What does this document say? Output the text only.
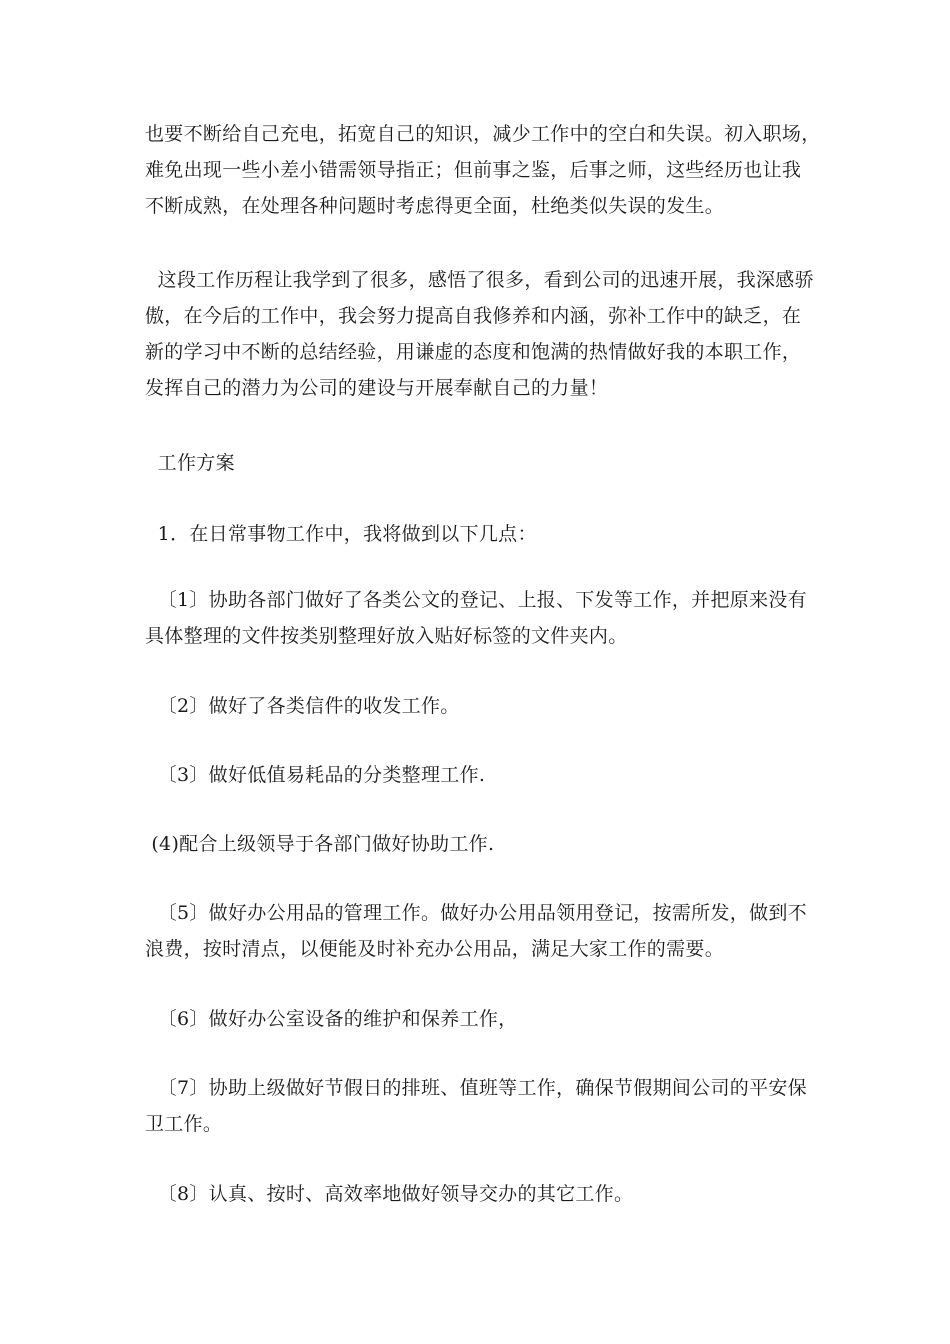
也要不断给自己充电，拓宽自己的知识，减少工作中的空白和失误。初入职场，
难免出现一些小差小错需领导指正；但前事之鉴，后事之师，这些经历也让我
不断成熟，在处理各种问题时考虑得更全面，杜绝类似失误的发生。
这段工作历程让我学到了很多，感悟了很多，看到公司的迅速开展，我深感骄
傲，在今后的工作中，我会努力提高自我修养和内涵，弥补工作中的缺乏，在
新的学习中不断的总结经验，用谦虚的态度和饱满的热情做好我的本职工作，
发挥自己的潜力为公司的建设与开展奉献自己的力量！
工作方案
1．在日常事物工作中，我将做到以下几点：
〔1〕协助各部门做好了各类公文的登记、上报、下发等工作，并把原来没有
具体整理的文件按类别整理好放入贴好标签的文件夹内。
〔2〕做好了各类信件的收发工作。
〔3〕做好低值易耗品的分类整理工作.
(4)配合上级领导于各部门做好协助工作.
〔5〕做好办公用品的管理工作。做好办公用品领用登记，按需所发，做到不
浪费，按时清点，以便能及时补充办公用品，满足大家工作的需要。
〔6〕做好办公室设备的维护和保养工作，
〔7〕协助上级做好节假日的排班、值班等工作，确保节假期间公司的平安保
卫工作。
〔8〕认真、按时、高效率地做好领导交办的其它工作。
